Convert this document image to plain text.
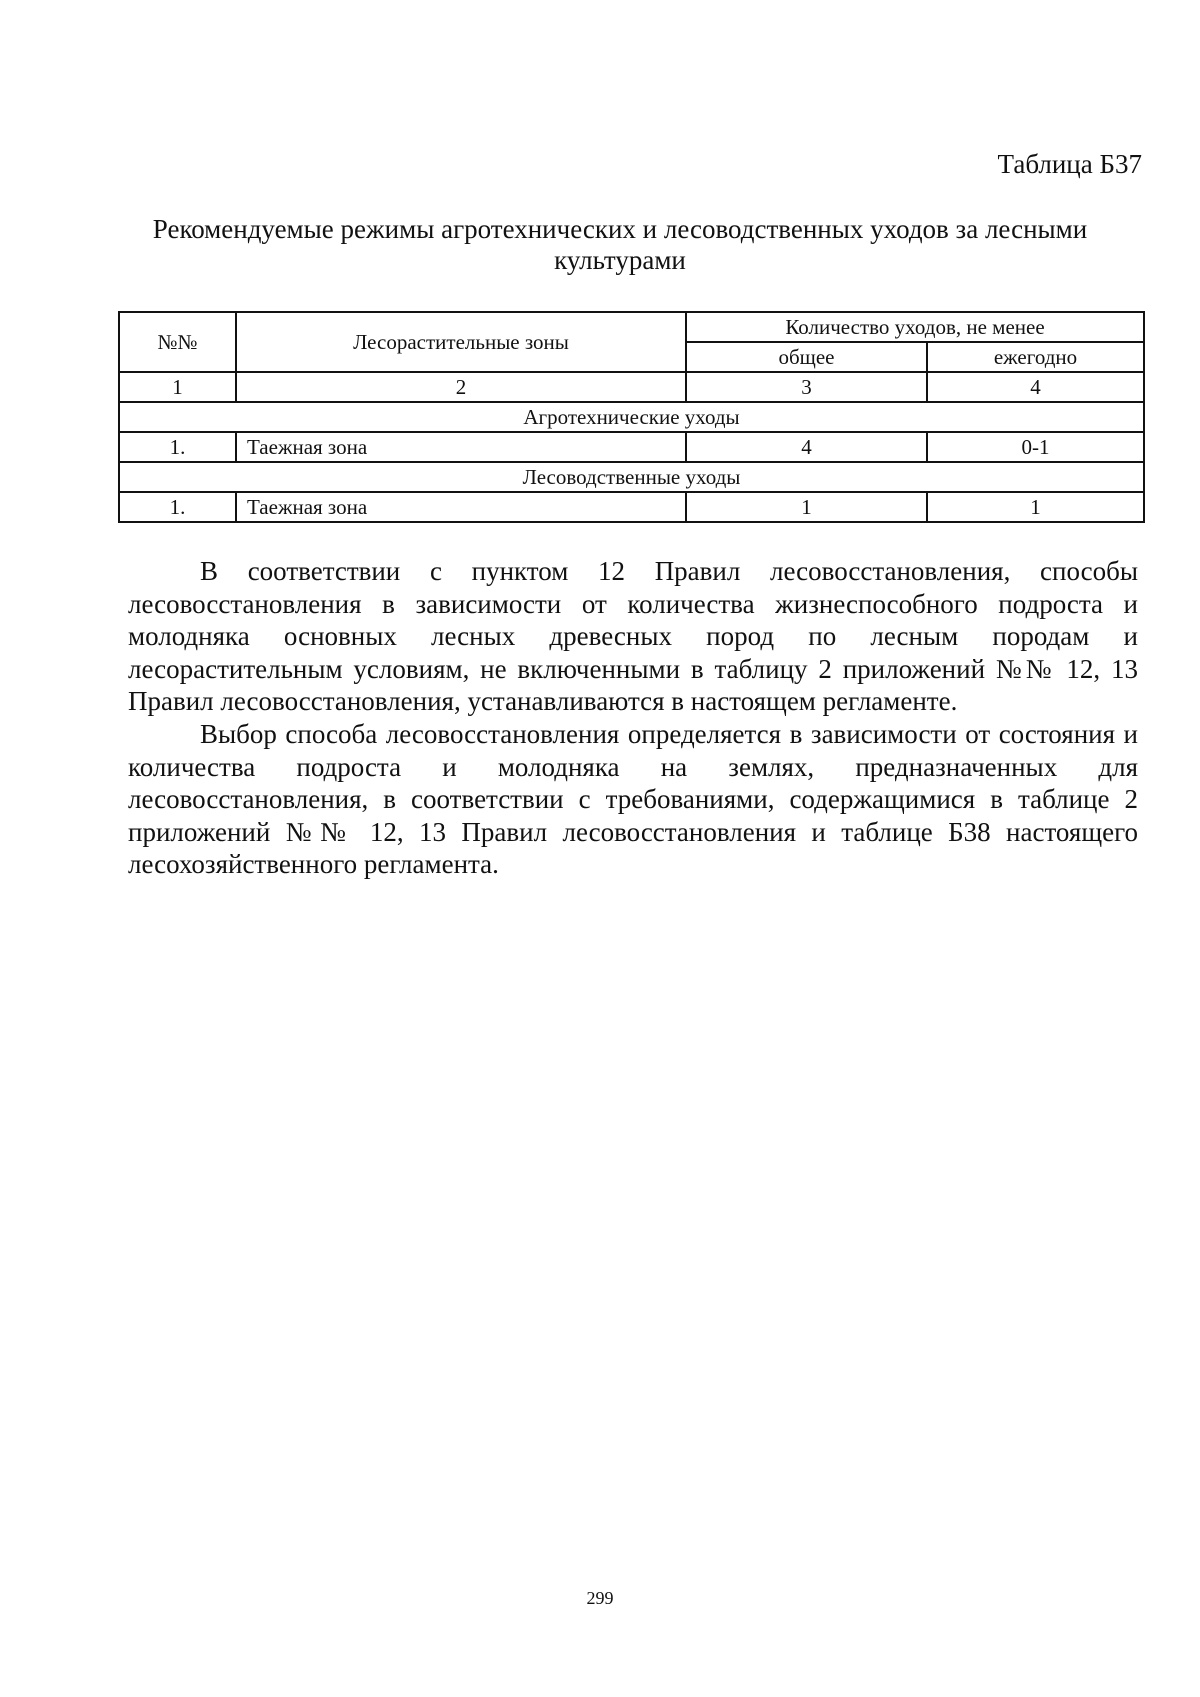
Таблица Б37
Рекомендуемые режимы агротехнических и лесоводственных уходов за лесными культурами
№№	Лесорастительные зоны	Количество уходов, не менее	
		общее	ежегодно
1	2	3	4
Агротехнические уходы			
1.	Таежная зона	4	0-1
Лесоводственные уходы			
1.	Таежная зона	1	1

В соответствии с пунктом 12 Правил лесовосстановления, способы лесовосстановления в зависимости от количества жизнеспособного подроста и молодняка основных лесных древесных пород по лесным породам и лесорастительным условиям, не включенными в таблицу 2 приложений №№ 12, 13 Правил лесовосстановления, устанавливаются в настоящем регламенте.

Выбор способа лесовосстановления определяется в зависимости от состояния и количества подроста и молодняка на землях, предназначенных для лесовосстановления, в соответствии с требованиями, содержащимися в таблице 2 приложений №№ 12, 13 Правил лесовосстановления и таблице Б38 настоящего лесохозяйственного регламента.

299
